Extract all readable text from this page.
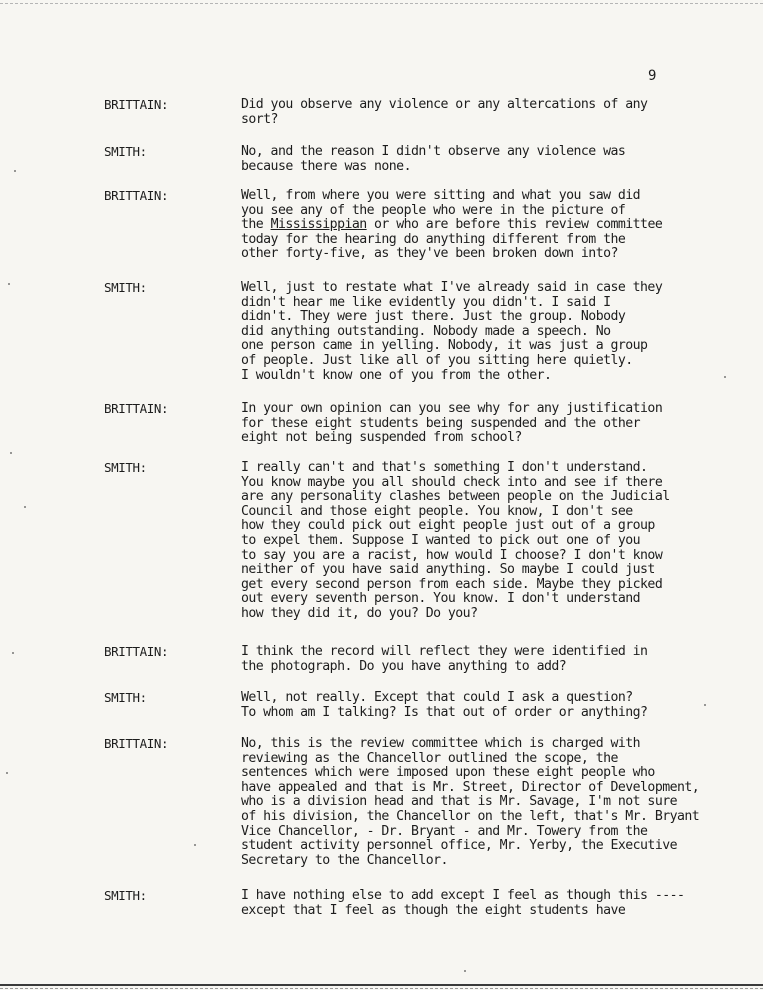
9
BRITTAIN:	Did you observe any violence or any altercations of any
sort?
SMITH:	No, and the reason I didn't observe any violence was
because there was none.
BRITTAIN:	Well, from where you were sitting and what you saw did
you see any of the people who were in the picture of
the Mississippian or who are before this review committee
today for the hearing do anything different from the
other forty-five, as they've been broken down into?
SMITH:	Well, just to restate what I've already said in case they
didn't hear me like evidently you didn't. I said I
didn't. They were just there. Just the group. Nobody
did anything outstanding. Nobody made a speech. No
one person came in yelling. Nobody, it was just a group
of people. Just like all of you sitting here quietly.
I wouldn't know one of you from the other.
BRITTAIN:	In your own opinion can you see why for any justification
for these eight students being suspended and the other
eight not being suspended from school?
SMITH:	I really can't and that's something I don't understand.
You know maybe you all should check into and see if there
are any personality clashes between people on the Judicial
Council and those eight people. You know, I don't see
how they could pick out eight people just out of a group
to expel them. Suppose I wanted to pick out one of you
to say you are a racist, how would I choose? I don't know
neither of you have said anything. So maybe I could just
get every second person from each side. Maybe they picked
out every seventh person. You know. I don't understand
how they did it, do you? Do you?
BRITTAIN:	I think the record will reflect they were identified in
the photograph. Do you have anything to add?
SMITH:	Well, not really. Except that could I ask a question?
To whom am I talking? Is that out of order or anything?
BRITTAIN:	No, this is the review committee which is charged with
reviewing as the Chancellor outlined the scope, the
sentences which were imposed upon these eight people who
have appealed and that is Mr. Street, Director of Development,
who is a division head and that is Mr. Savage, I'm not sure
of his division, the Chancellor on the left, that's Mr. Bryant
Vice Chancellor, - Dr. Bryant - and Mr. Towery from the
student activity personnel office, Mr. Yerby, the Executive
Secretary to the Chancellor.
SMITH:	I have nothing else to add except I feel as though this ----
except that I feel as though the eight students have
